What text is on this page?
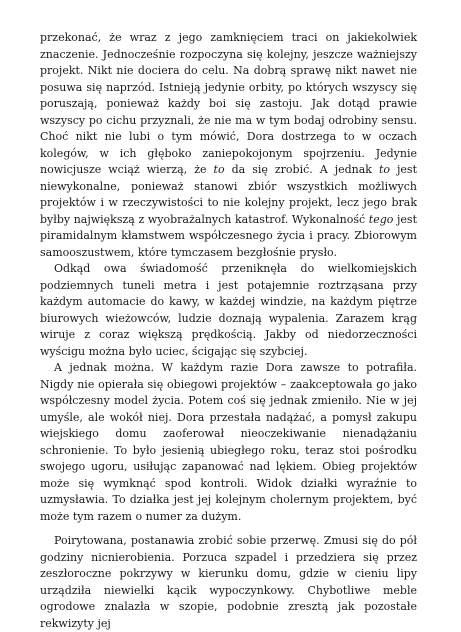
przekonać, że wraz z jego zamknięciem traci on jakiekolwiek znaczenie. Jednocześnie rozpoczyna się kolejny, jeszcze ważniejszy projekt. Nikt nie dociera do celu. Na dobrą sprawę nikt nawet nie posuwa się naprzód. Istnieją jedynie orbity, po których wszyscy się poruszają, ponieważ każdy boi się zastoju. Jak dotąd prawie wszyscy po cichu przyznali, że nie ma w tym bodaj odrobiny sensu. Choć nikt nie lubi o tym mówić, Dora dostrzega to w oczach kolegów, w ich głęboko zaniepokojonym spojrzeniu. Jedynie nowicjusze wciąż wierzą, że to da się zrobić. A jednak to jest niewykonalne, ponieważ stanowi zbiór wszystkich możliwych projektów i w rzeczywistości to nie kolejny projekt, lecz jego brak byłby największą z wyobrażalnych katastrof. Wykonalność tego jest piramidalnym kłamstwem współczesnego życia i pracy. Zbiorowym samooszustwem, które tymczasem bezgłośnie prysło.

Odkąd owa świadomość przeniknęła do wielkomiejskich podziemnych tuneli metra i jest potajemnie roztrząsana przy każdym automacie do kawy, w każdej windzie, na każdym piętrze biurowych wieżowców, ludzie doznają wypalenia. Zarazem krąg wiruje z coraz większą prędkością. Jakby od niedorzeczności wyścigu można było uciec, ścigając się szybciej.

A jednak można. W każdym razie Dora zawsze to potrafiła. Nigdy nie opierała się obiegowi projektów – zaakceptowała go jako współczesny model życia. Potem coś się jednak zmieniło. Nie w jej umyśle, ale wokół niej. Dora przestała nadążać, a pomysł zakupu wiejskiego domu zaoferował nieoczekiwanie nienadążaniu schronienie. To było jesienią ubiegłego roku, teraz stoi pośrodku swojego ugoru, usiłując zapanować nad lękiem. Obieg projektów może się wymknąć spod kontroli. Widok działki wyraźnie to uzmysławia. To działka jest jej kolejnym cholernym projektem, być może tym razem o numer za dużym.

Poirytowana, postanawia zrobić sobie przerwę. Zmusi się do pół godziny nicnierobienia. Porzuca szpadel i przedziera się przez zeszłoroczne pokrzywy w kierunku domu, gdzie w cieniu lipy urządziła niewielki kącik wypoczynkowy. Chybotliwe meble ogrodowe znalazła w szopie, podobnie zresztą jak pozostałe rekwizyty jej
